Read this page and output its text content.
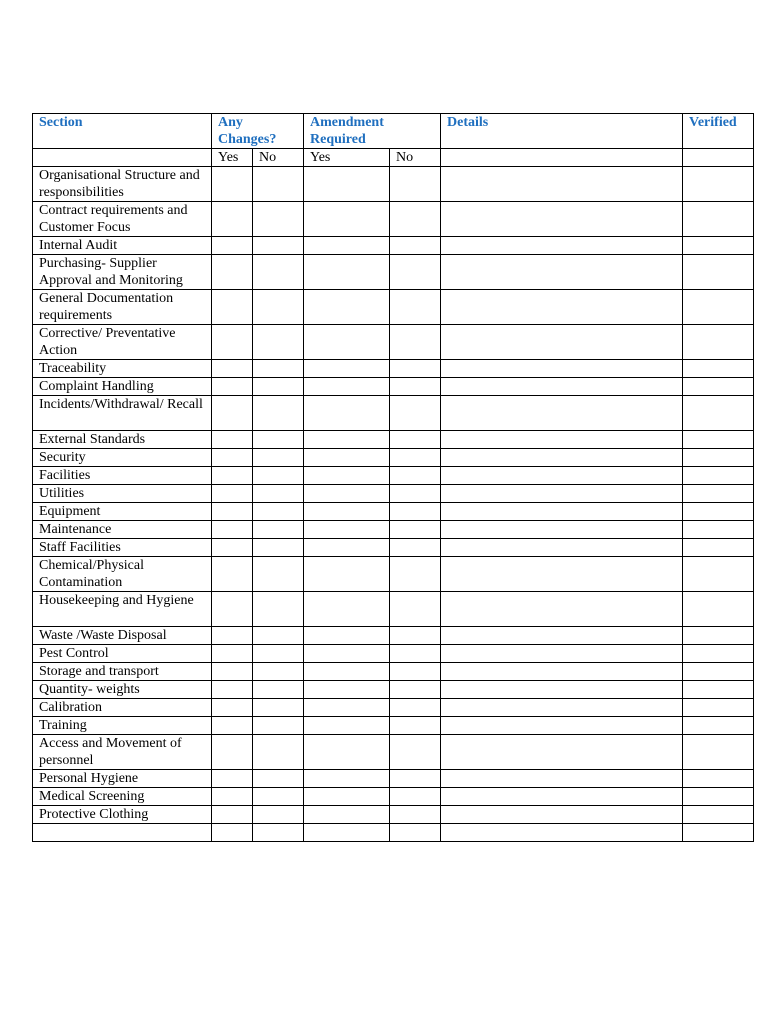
Section	Any Changes?		Amendment Required		Details	Verified
	Yes	No	Yes	No		
Organisational Structure and responsibilities						
Contract requirements and Customer Focus						
Internal Audit						
Purchasing- Supplier Approval and Monitoring						
General Documentation requirements						
Corrective/ Preventative Action						
Traceability						
Complaint Handling						
Incidents/Withdrawal/ Recall						
External Standards						
Security						
Facilities						
Utilities						
Equipment						
Maintenance						
Staff Facilities						
Chemical/Physical Contamination						
Housekeeping and Hygiene						
Waste /Waste Disposal						
Pest Control						
Storage and transport						
Quantity- weights						
Calibration						
Training						
Access and Movement of personnel						
Personal Hygiene						
Medical Screening						
Protective Clothing						
